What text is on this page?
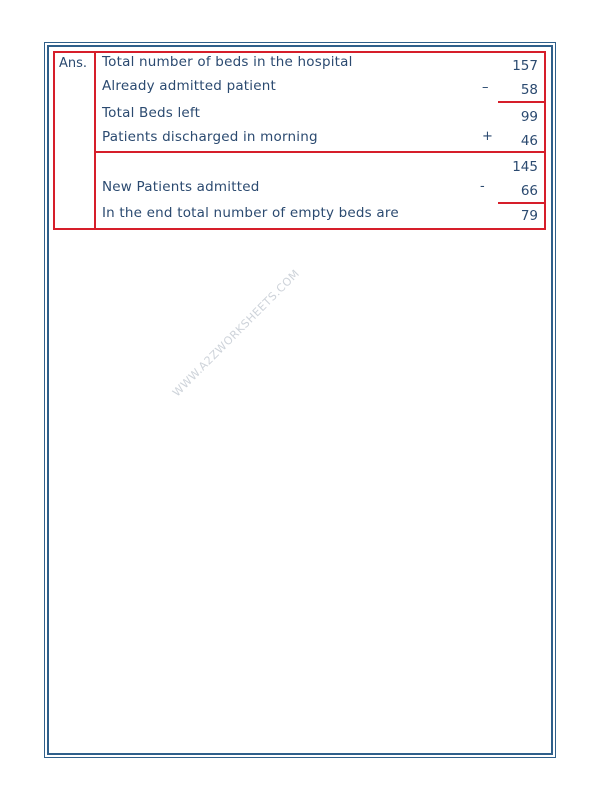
Ans. Total number of beds in the hospital	157
Already admitted patient	–	58
Total Beds left	99
Patients discharged in morning	+	46
145
New Patients admitted	-	66
In the end total number of empty beds are	79
WWW.A2ZWORKSHEETS.COM
